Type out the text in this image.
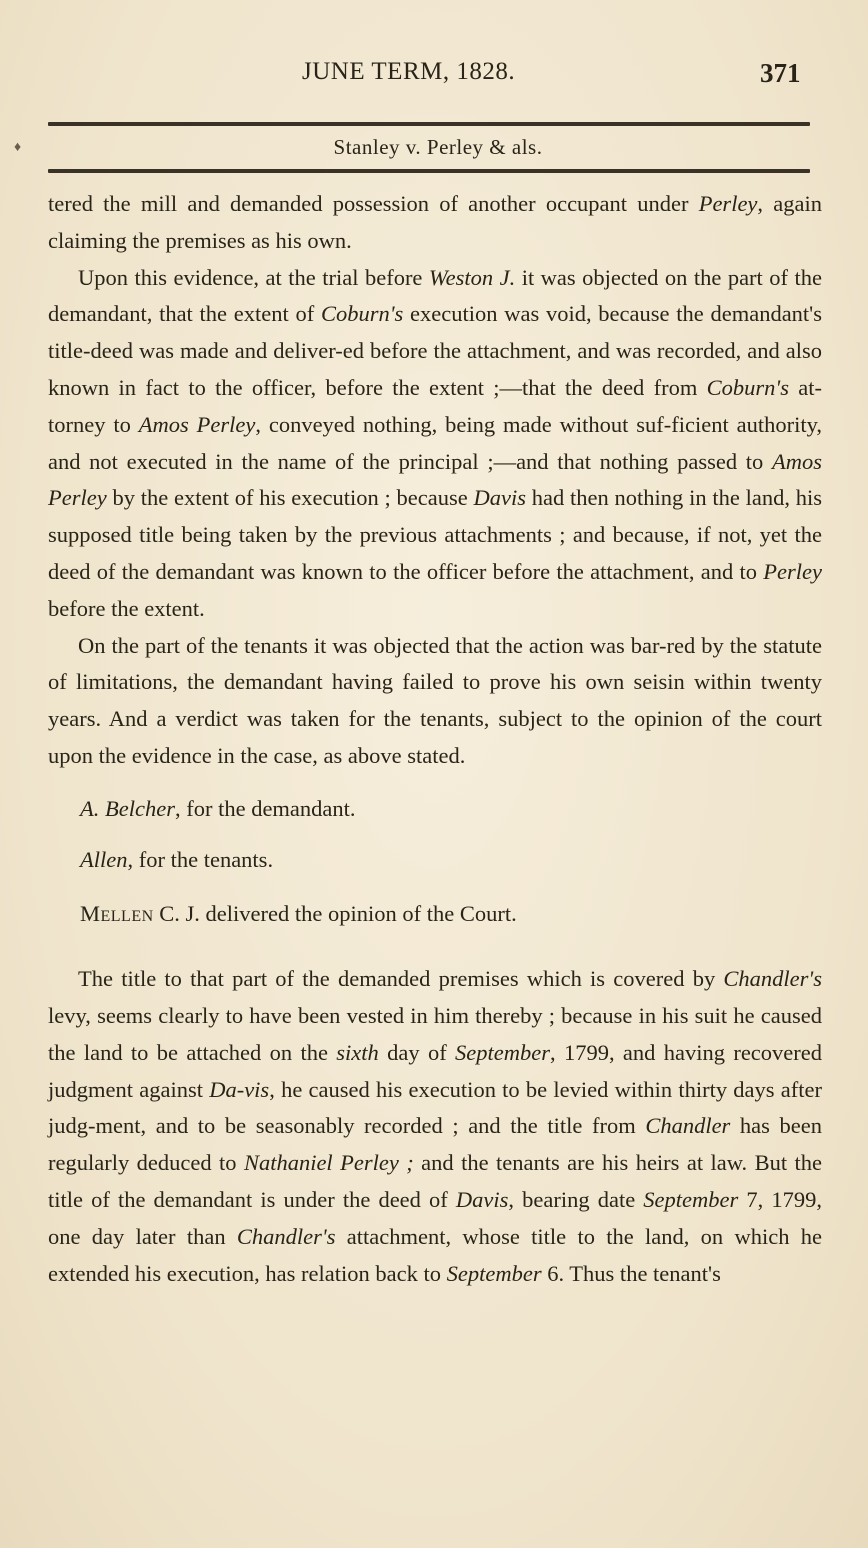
JUNE TERM, 1828.	371
♦	Stanley v. Perley & als.

tered the mill and demanded possession of another occupant under Perley, again claiming the premises as his own.

Upon this evidence, at the trial before Weston J. it was objected on the part of the demandant, that the extent of Coburn's execution was void, because the demandant's title-deed was made and deliver-ed before the attachment, and was recorded, and also known in fact to the officer, before the extent ;—that the deed from Coburn's at-torney to Amos Perley, conveyed nothing, being made without suf-ficient authority, and not executed in the name of the principal ;—and that nothing passed to Amos Perley by the extent of his execution ; because Davis had then nothing in the land, his supposed title being taken by the previous attachments ; and because, if not, yet the deed of the demandant was known to the officer before the attachment, and to Perley before the extent.

On the part of the tenants it was objected that the action was bar-red by the statute of limitations, the demandant having failed to prove his own seisin within twenty years. And a verdict was taken for the tenants, subject to the opinion of the court upon the evidence in the case, as above stated.

A. Belcher, for the demandant.

Allen, for the tenants.

Mellen C. J. delivered the opinion of the Court.

The title to that part of the demanded premises which is covered by Chandler's levy, seems clearly to have been vested in him thereby ; because in his suit he caused the land to be attached on the sixth day of September, 1799, and having recovered judgment against Da-vis, he caused his execution to be levied within thirty days after judg-ment, and to be seasonably recorded ; and the title from Chandler has been regularly deduced to Nathaniel Perley ; and the tenants are his heirs at law. But the title of the demandant is under the deed of Davis, bearing date September 7, 1799, one day later than Chandler's attachment, whose title to the land, on which he extended his execution, has relation back to September 6. Thus the tenant's
